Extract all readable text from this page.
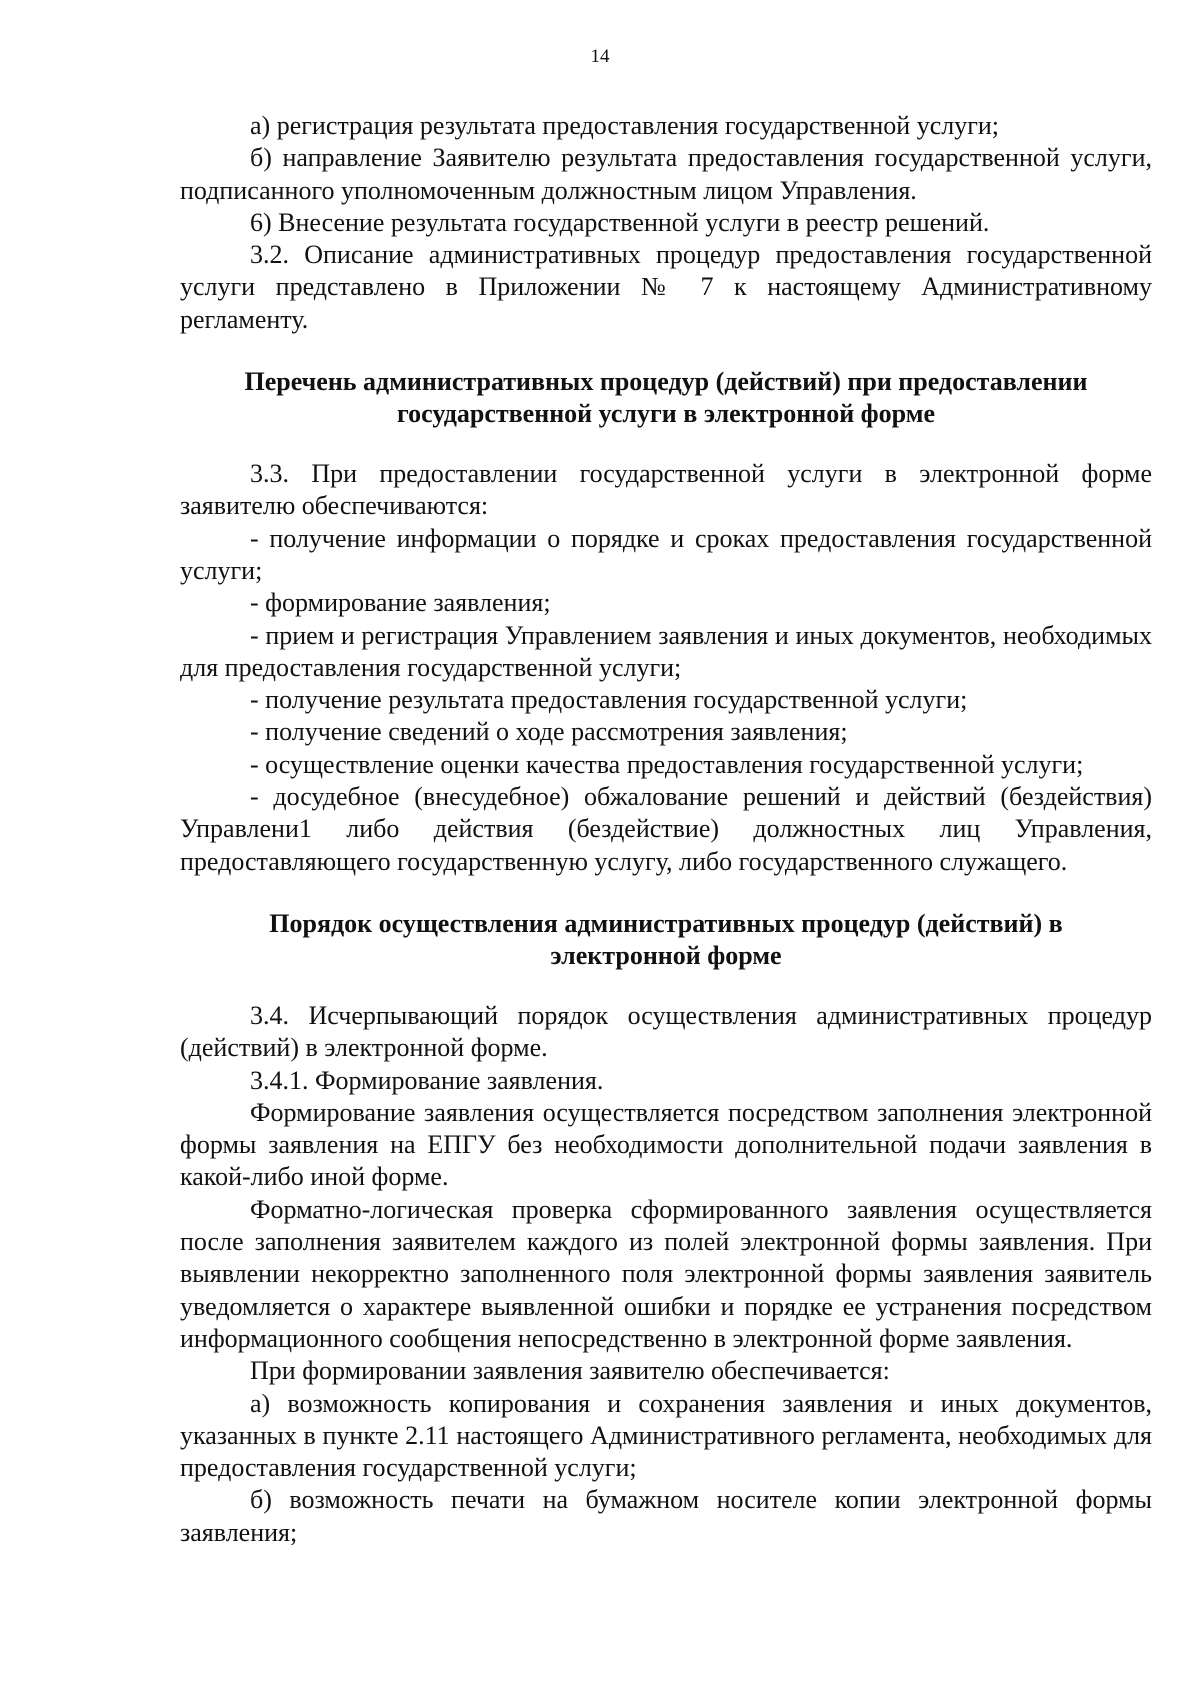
14

а) регистрация результата предоставления государственной услуги;

б) направление Заявителю результата предоставления государственной услуги, подписанного уполномоченным должностным лицом Управления.

6) Внесение результата государственной услуги в реестр решений.

3.2. Описание административных процедур предоставления государственной услуги представлено в Приложении № 7 к настоящему Административному регламенту.

Перечень административных процедур (действий) при предоставлении
государственной услуги в электронной форме

3.3. При предоставлении государственной услуги в электронной форме заявителю обеспечиваются:

- получение информации о порядке и сроках предоставления государственной услуги;

- формирование заявления;

- прием и регистрация Управлением заявления и иных документов, необходимых для предоставления государственной услуги;

- получение результата предоставления государственной услуги;

- получение сведений о ходе рассмотрения заявления;

- осуществление оценки качества предоставления государственной услуги;

- досудебное (внесудебное) обжалование решений и действий (бездействия) Управлени1 либо действия (бездействие) должностных лиц Управления, предоставляющего государственную услугу, либо государственного служащего.

Порядок осуществления административных процедур (действий) в
электронной форме

3.4. Исчерпывающий порядок осуществления административных процедур (действий) в электронной форме.

3.4.1. Формирование заявления.

Формирование заявления осуществляется посредством заполнения электронной формы заявления на ЕПГУ без необходимости дополнительной подачи заявления в какой-либо иной форме.

Форматно-логическая проверка сформированного заявления осуществляется после заполнения заявителем каждого из полей электронной формы заявления. При выявлении некорректно заполненного поля электронной формы заявления заявитель уведомляется о характере выявленной ошибки и порядке ее устранения посредством информационного сообщения непосредственно в электронной форме заявления.

При формировании заявления заявителю обеспечивается:

а) возможность копирования и сохранения заявления и иных документов, указанных в пункте 2.11 настоящего Административного регламента, необходимых для предоставления государственной услуги;

б) возможность печати на бумажном носителе копии электронной формы заявления;
